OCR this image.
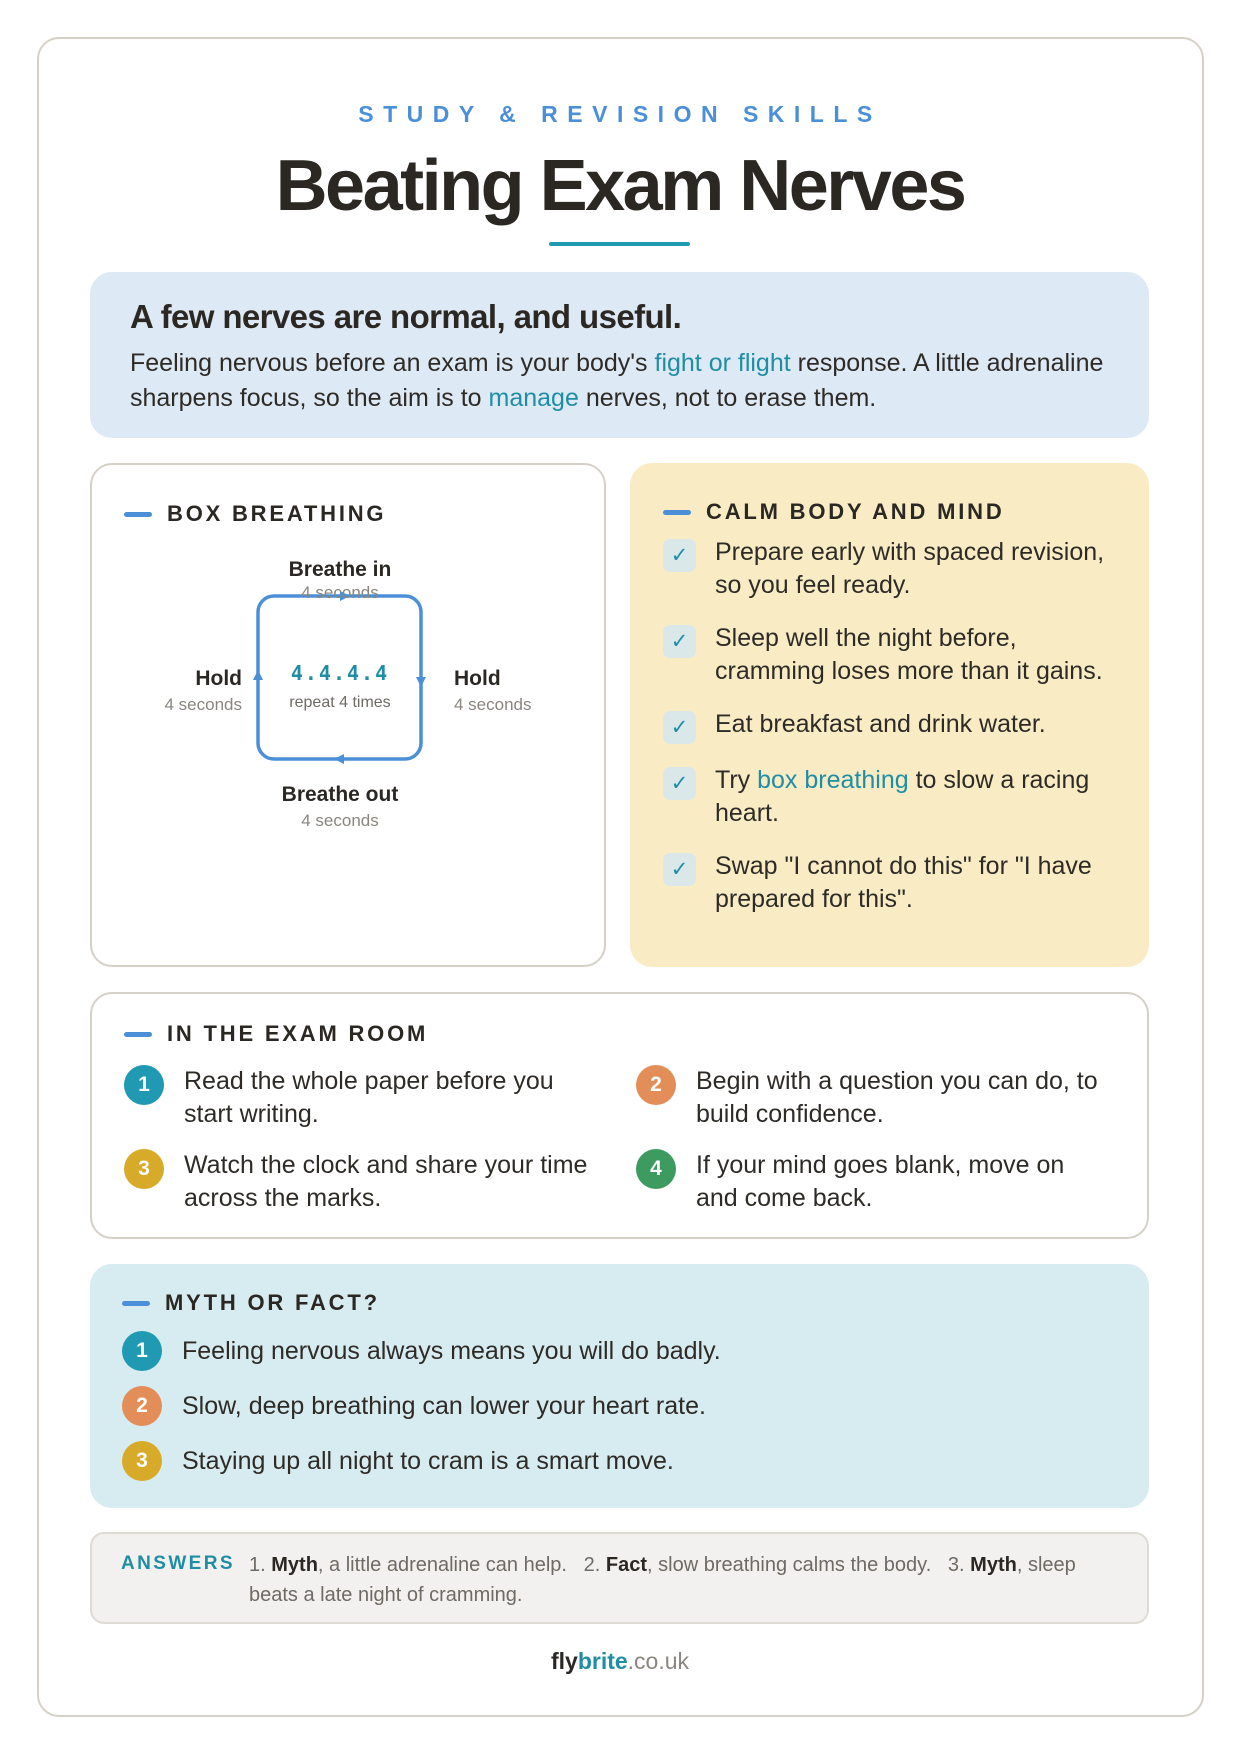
STUDY & REVISION SKILLS
Beating Exam Nerves
A few nerves are normal, and useful.

Feeling nervous before an exam is your body's fight or flight response. A little adrenaline sharpens focus, so the aim is to manage nerves, not to erase them.

Breathe in
4 seconds
4.4.4.4
repeat 4 times
Hold
4 seconds
Hold
4 seconds
Breathe out
4 seconds
BOX BREATHING	CALM BODY AND MIND
✓	Prepare early with spaced revision, so you feel ready.
✓	Sleep well the night before, cramming loses more than it gains.
✓	Eat breakfast and drink water.
✓	Try box breathing to slow a racing heart.
✓	Swap "I cannot do this" for "I have prepared for this".
IN THE EXAM ROOM
1	Read the whole paper before you start writing.
2	Begin with a question you can do, to build confidence.
3	Watch the clock and share your time across the marks.
4	If your mind goes blank, move on and come back.
MYTH OR FACT?
1	Feeling nervous always means you will do badly.
2	Slow, deep breathing can lower your heart rate.
3	Staying up all night to cram is a smart move.
ANSWERS 1. Myth, a little adrenaline can help. 2. Fact, slow breathing calms the body. 3. Myth, sleep beats a late night of cramming.
flybrite.co.uk
